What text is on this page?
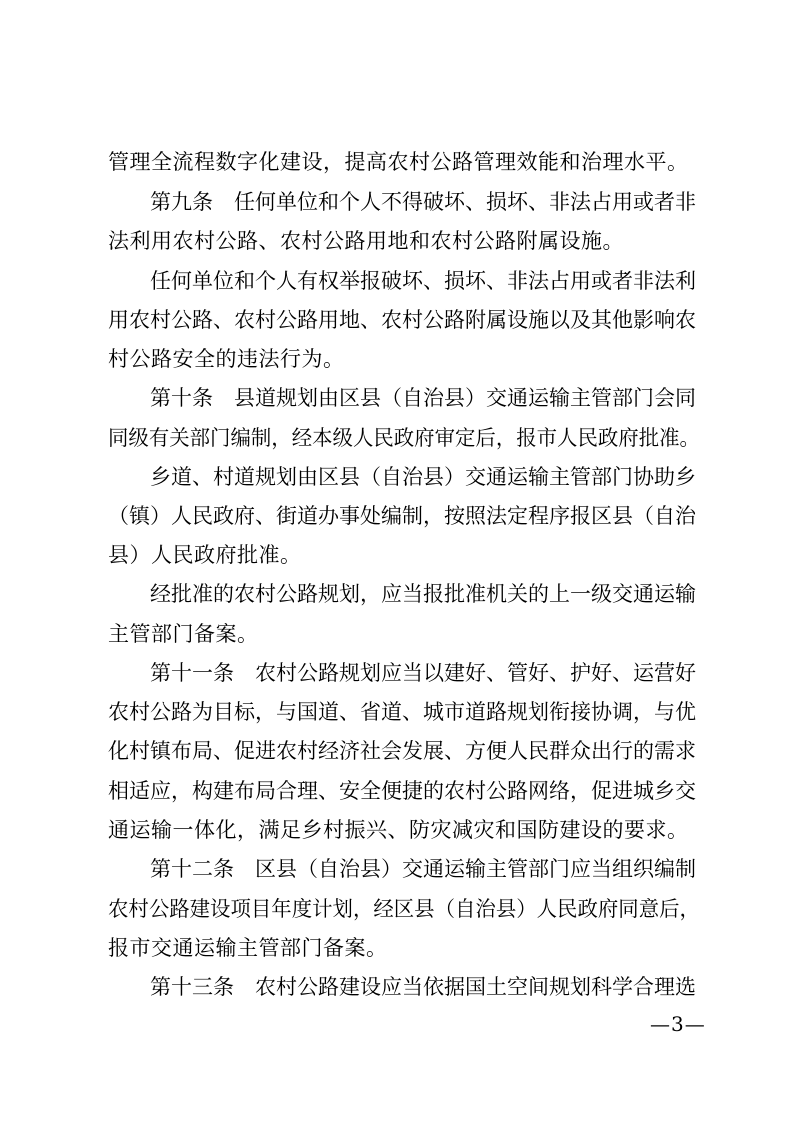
管理全流程数字化建设，提高农村公路管理效能和治理水平。
第九条　任何单位和个人不得破坏、损坏、非法占用或者非
法利用农村公路、农村公路用地和农村公路附属设施。
任何单位和个人有权举报破坏、损坏、非法占用或者非法利
用农村公路、农村公路用地、农村公路附属设施以及其他影响农
村公路安全的违法行为。
第十条　县道规划由区县（自治县）交通运输主管部门会同
同级有关部门编制，经本级人民政府审定后，报市人民政府批准。
乡道、村道规划由区县（自治县）交通运输主管部门协助乡
（镇）人民政府、街道办事处编制，按照法定程序报区县（自治
县）人民政府批准。
经批准的农村公路规划，应当报批准机关的上一级交通运输
主管部门备案。
第十一条　农村公路规划应当以建好、管好、护好、运营好
农村公路为目标，与国道、省道、城市道路规划衔接协调，与优
化村镇布局、促进农村经济社会发展、方便人民群众出行的需求
相适应，构建布局合理、安全便捷的农村公路网络，促进城乡交
通运输一体化，满足乡村振兴、防灾减灾和国防建设的要求。
第十二条　区县（自治县）交通运输主管部门应当组织编制
农村公路建设项目年度计划，经区县（自治县）人民政府同意后，
报市交通运输主管部门备案。
第十三条　农村公路建设应当依据国土空间规划科学合理选
—3—
